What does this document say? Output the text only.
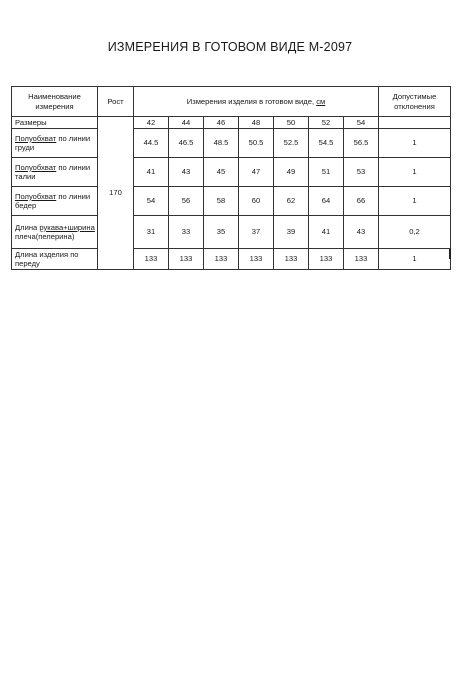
ИЗМЕРЕНИЯ В ГОТОВОМ ВИДЕ М-2097
Наименование измерения	Рост	Измерения изделия в готовом виде, см							Допустимые отклонения
Размеры	170	42	44	46	48	50	52	54	
Полуобхват по линии груди		44.5	46.5	48.5	50.5	52.5	54.5	56.5	1
Полуобхват по линии талии		41	43	45	47	49	51	53	1
Полуобхват по линии бедер		54	56	58	60	62	64	66	1
Длина рукава+ширина плеча(пелерина)		31	33	35	37	39	41	43	0,2
Длина изделия по переду		133	133	133	133	133	133	133	1
